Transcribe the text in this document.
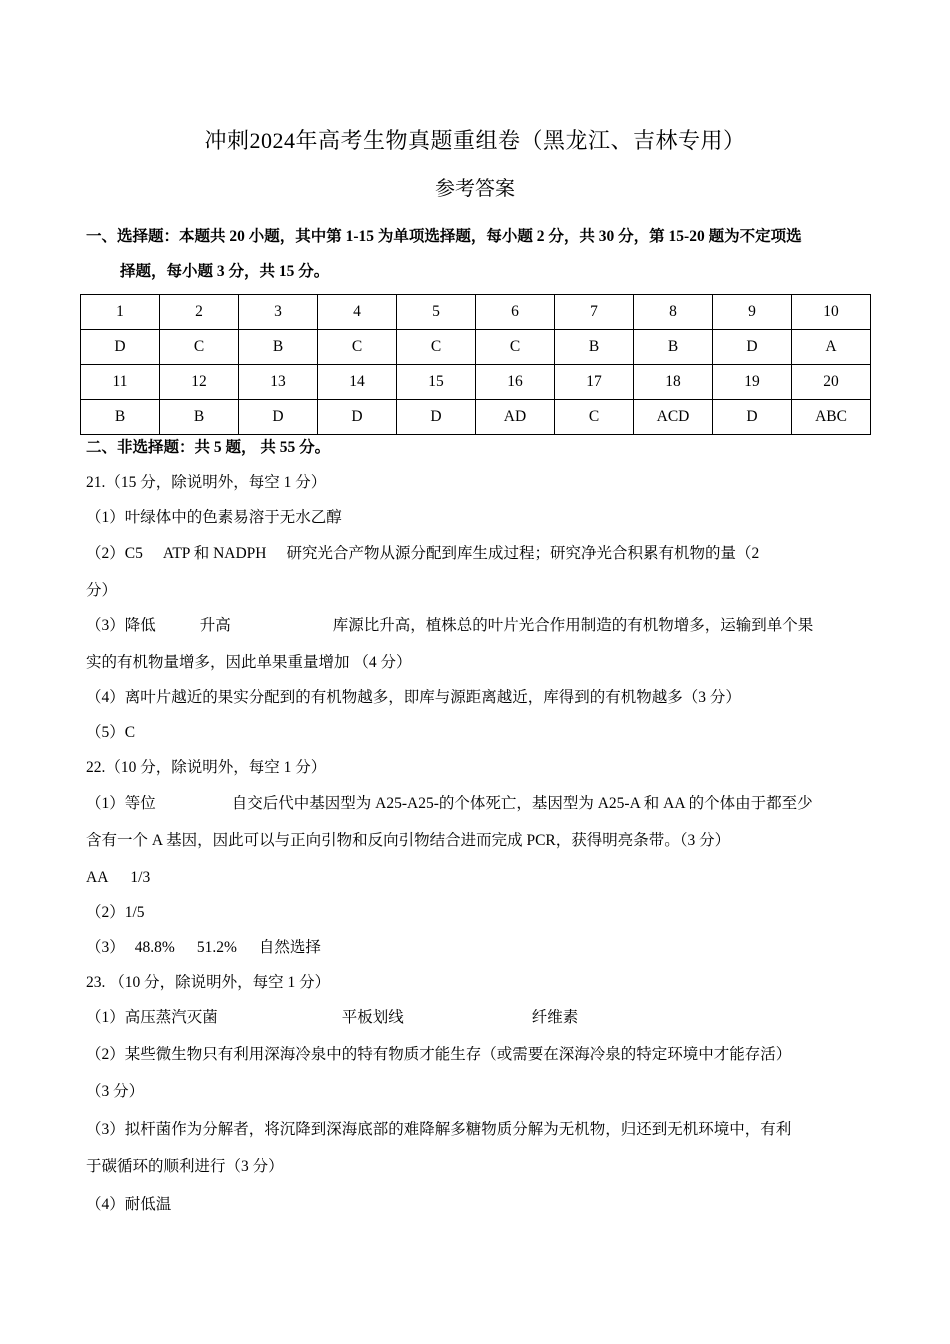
冲刺2024年高考生物真题重组卷（黑龙江、吉林专用）
参考答案
一、选择题：本题共 20 小题，其中第 1-15 为单项选择题，每小题 2 分，共 30 分，第 15-20 题为不定项选
择题，每小题 3 分，共 15 分。
1	2	3	4	5	6	7	8	9	10
D	C	B	C	C	C	B	B	D	A
11	12	13	14	15	16	17	18	19	20
B	B	D	D	D	AD	C	ACD	D	ABC
二、非选择题：共 5 题， 共 55 分。
21.（15 分，除说明外，每空 1 分）
（1）叶绿体中的色素易溶于无水乙醇
（2）C5 ATP 和 NADPH 研究光合产物从源分配到库生成过程；研究净光合积累有机物的量（2
分）
（3）降低	升高	库源比升高，植株总的叶片光合作用制造的有机物增多，运输到单个果
实的有机物量增多，因此单果重量增加 （4 分）
（4）离叶片越近的果实分配到的有机物越多，即库与源距离越近，库得到的有机物越多（3 分）
（5）C
22.（10 分，除说明外，每空 1 分）
（1）等位	自交后代中基因型为 A25-A25-的个体死亡，基因型为 A25-A 和 AA 的个体由于都至少
含有一个 A 基因，因此可以与正向引物和反向引物结合进而完成 PCR，获得明亮条带。（3 分）
AA 1/3
（2）1/5
（3） 48.8% 51.2% 自然选择
23. （10 分，除说明外，每空 1 分）
（1）高压蒸汽灭菌	平板划线	纤维素
（2）某些微生物只有利用深海冷泉中的特有物质才能生存（或需要在深海冷泉的特定环境中才能存活）
（3 分）
（3）拟杆菌作为分解者，将沉降到深海底部的难降解多糖物质分解为无机物，归还到无机环境中，有利
于碳循环的顺利进行（3 分）
（4）耐低温
